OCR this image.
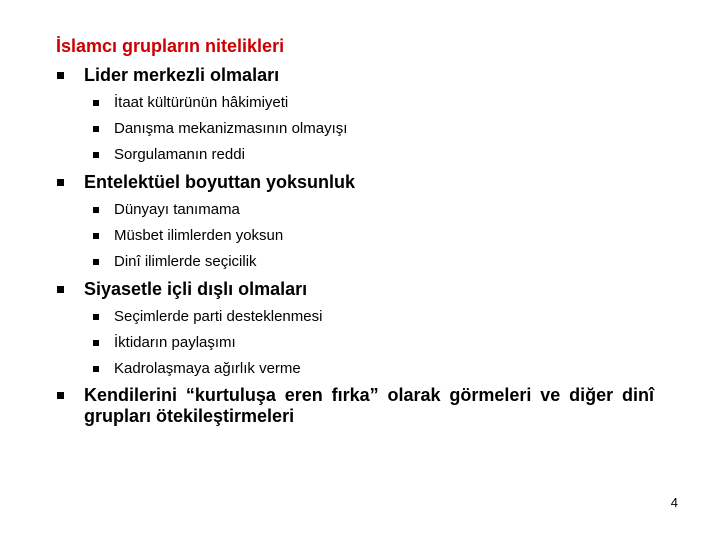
İslamcı grupların nitelikleri
Lider merkezli olmaları
İtaat kültürünün hâkimiyeti
Danışma mekanizmasının olmayışı
Sorgulamanın reddi
Entelektüel boyuttan yoksunluk
Dünyayı tanımama
Müsbet ilimlerden yoksun
Dinî ilimlerde seçicilik
Siyasetle içli dışlı olmaları
Seçimlerde parti desteklenmesi
İktidarın paylaşımı
Kadrolaşmaya ağırlık verme
Kendilerini “kurtuluşa eren fırka” olarak görmeleri ve diğer dinî grupları ötekileştirmeleri
4
